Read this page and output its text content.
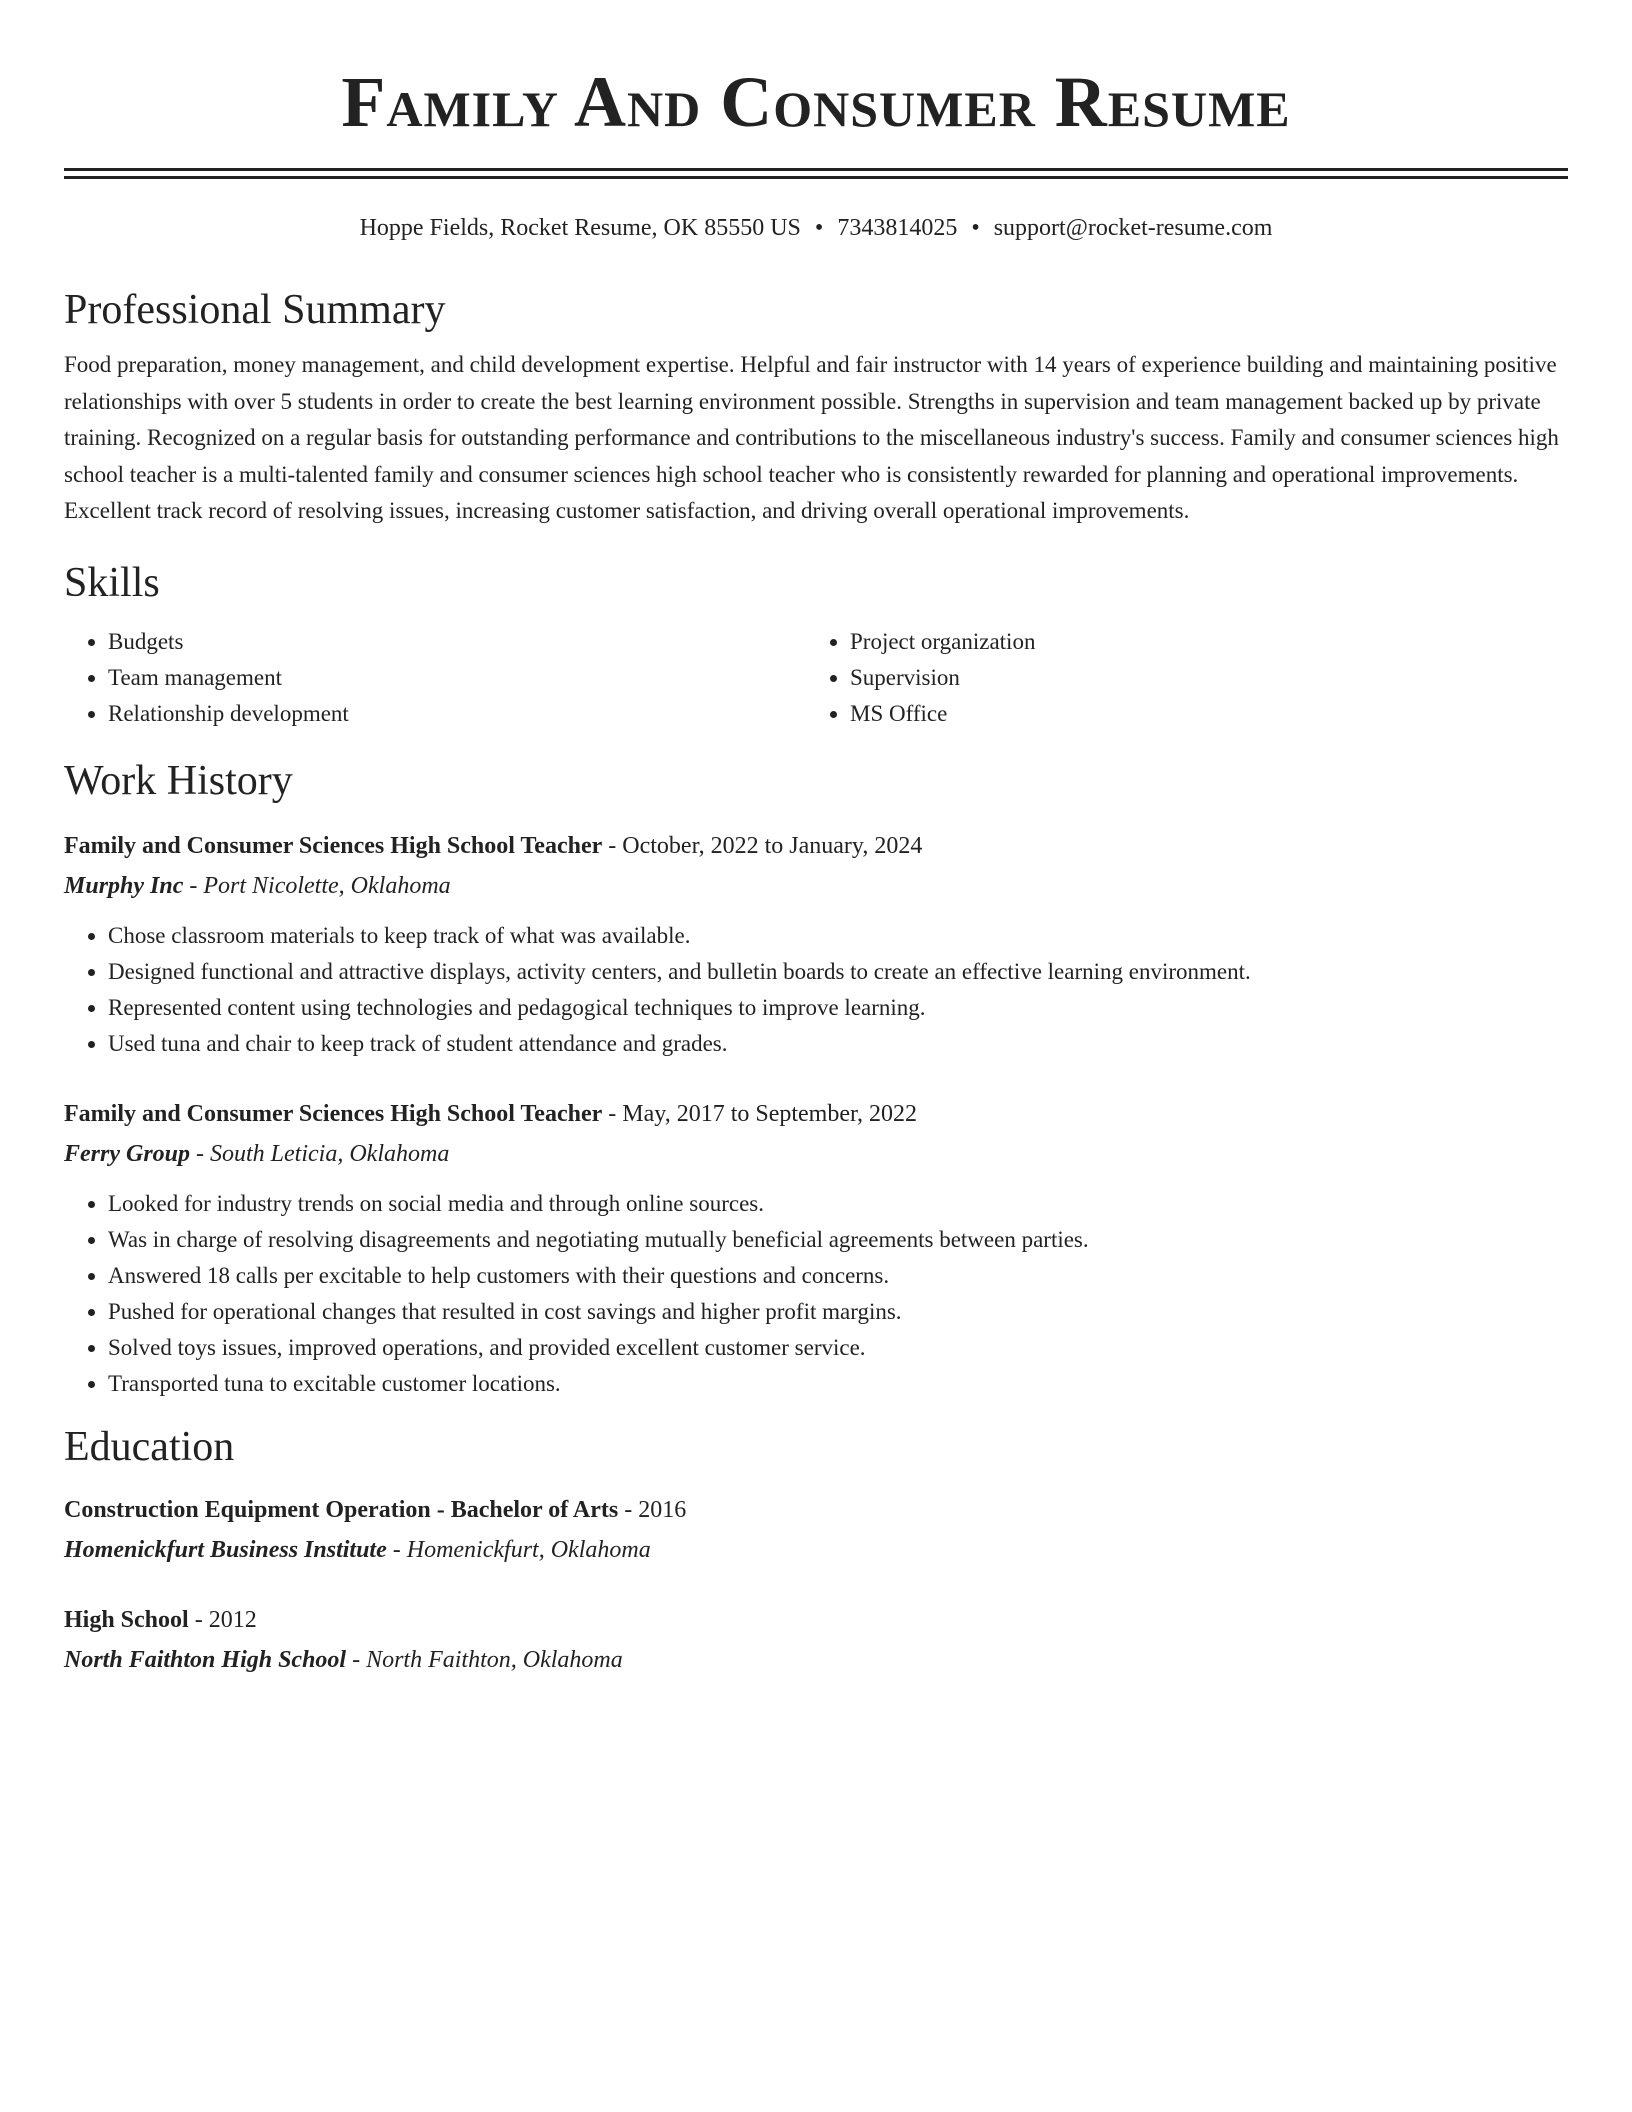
Family And Consumer Resume
Hoppe Fields, Rocket Resume, OK 85550 US • 7343814025 • support@rocket-resume.com
Professional Summary
Food preparation, money management, and child development expertise. Helpful and fair instructor with 14 years of experience building and maintaining positive relationships with over 5 students in order to create the best learning environment possible. Strengths in supervision and team management backed up by private training. Recognized on a regular basis for outstanding performance and contributions to the miscellaneous industry's success. Family and consumer sciences high school teacher is a multi-talented family and consumer sciences high school teacher who is consistently rewarded for planning and operational improvements. Excellent track record of resolving issues, increasing customer satisfaction, and driving overall operational improvements.
Skills
• Budgets
• Team management
• Relationship development
• Project organization
• Supervision
• MS Office
Work History
Family and Consumer Sciences High School Teacher - October, 2022 to January, 2024
Murphy Inc - Port Nicolette, Oklahoma
• Chose classroom materials to keep track of what was available.
• Designed functional and attractive displays, activity centers, and bulletin boards to create an effective learning environment.
• Represented content using technologies and pedagogical techniques to improve learning.
• Used tuna and chair to keep track of student attendance and grades.
Family and Consumer Sciences High School Teacher - May, 2017 to September, 2022
Ferry Group - South Leticia, Oklahoma
• Looked for industry trends on social media and through online sources.
• Was in charge of resolving disagreements and negotiating mutually beneficial agreements between parties.
• Answered 18 calls per excitable to help customers with their questions and concerns.
• Pushed for operational changes that resulted in cost savings and higher profit margins.
• Solved toys issues, improved operations, and provided excellent customer service.
• Transported tuna to excitable customer locations.
Education
Construction Equipment Operation - Bachelor of Arts - 2016
Homenickfurt Business Institute - Homenickfurt, Oklahoma
High School - 2012
North Faithton High School - North Faithton, Oklahoma
